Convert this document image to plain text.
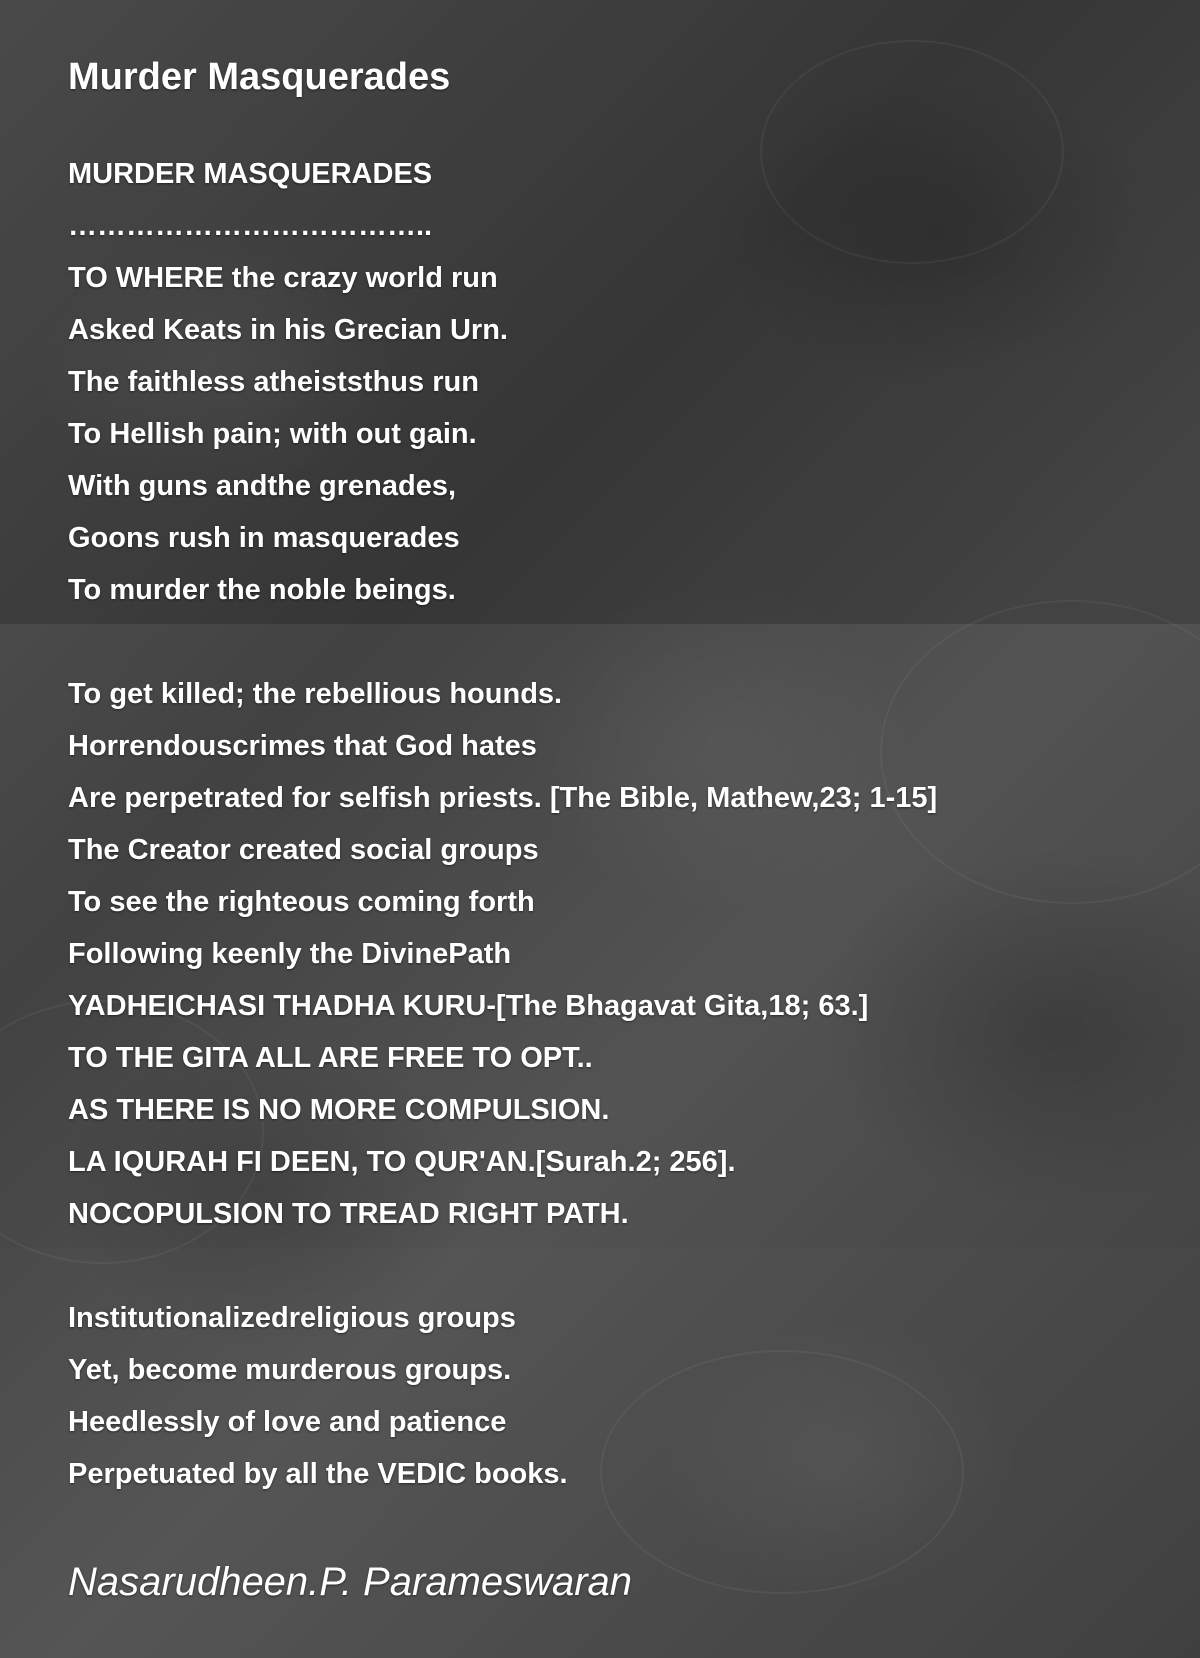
Murder Masquerades
MURDER MASQUERADES
………………………………..
TO WHERE the crazy world run
Asked Keats in his Grecian Urn.
The faithless atheiststhus run
To Hellish pain; with out gain.
With guns andthe grenades,
Goons rush in masquerades
To murder the noble beings.
To get killed; the rebellious hounds.
Horrendouscrimes that God hates
Are perpetrated for selfish priests. [The Bible, Mathew,23; 1-15]
The Creator created social groups
To see the righteous coming forth
Following keenly the DivinePath
YADHEICHASI THADHA KURU-[The Bhagavat Gita,18; 63.]
TO THE GITA ALL ARE FREE TO OPT..
AS THERE IS NO MORE COMPULSION.
LA IQURAH FI DEEN, TO QUR'AN.[Surah.2; 256].
NOCOPULSION TO TREAD RIGHT PATH.
Institutionalizedreligious groups
Yet, become murderous groups.
Heedlessly of love and patience
Perpetuated by all the VEDIC books.
Nasarudheen.P. Parameswaran
